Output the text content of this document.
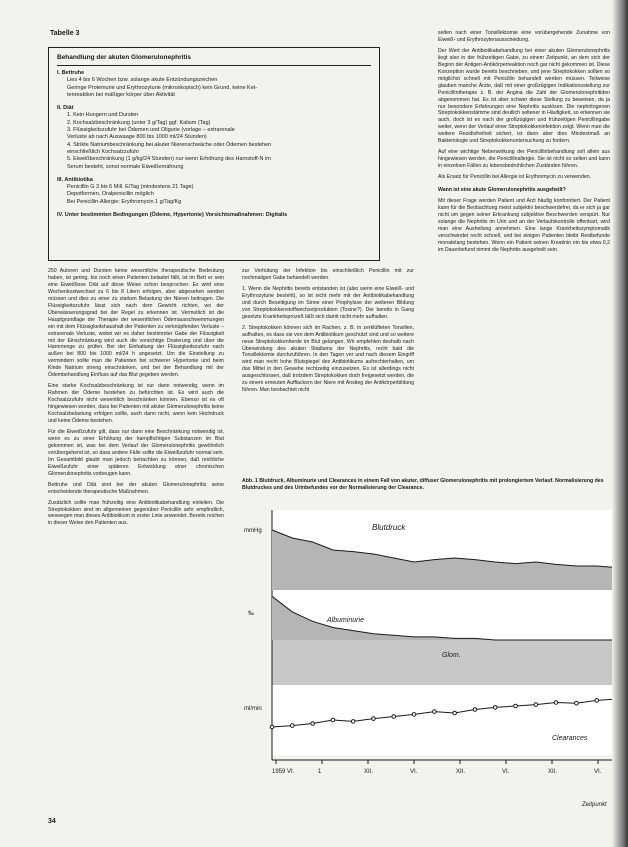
Tabelle 3
Behandlung der akuten Glomerulonephritis
I. Bettruhe
Lies 4 bis 6 Wochen bzw. solange akute Entzündungszeichen
Geringe Proteinurie und Erythrozyturie (mikroskopisch) kein Grund, keine Ket-
tenreaktion bei mäßiger körper über Aktivität
II. Diät
1. Kein Hungern und Dursten
2. Kochsalzbeschränkung (unter 3 g/Tag) ggf. Kalium (Tag)
3. Flüssigkeitszufuhr bei Ödemen und Oligurie (vorlage – extrarenale
Verluste ab nach Auswaage 800 bis 1000 ml/24 Stunden)
4. Strikte Natriumbeschränkung bei akuter Nierenschwäche oder Ödemen bestehen
einschließlich Kochsalzzufuhr
5. Eiweißbeschränkung (1 g/kg/24 Stunden) nur wenn Erhöhung des Harnstoff-N im
Serum besteht, sonst normale Eiweißernährung
III. Antibiotika
Penicillin G 3 bis 6 Mill. E/Tag (mindestens 21 Tage)
Depotformen, Oralpenicillin möglich
Bei Penicillin-Allergie: Erythromycin 1 g/Tag/Kg
IV. Unter bestimmten Bedingungen (Ödeme, Hypertonie) Vorsichtsmaßnahmen: Digitalis

250 Autoren und Dursten keine wesentliche therapeutische Bedeutung haben, ist gering, bis noch einen Patienten belastet fällt, ist im Bett er sein eine Eiweißlose Diät auf diese Weise schon besprochen. Es wird eine Wochenkostwechsel zu 6 bis 8 Litern erfolgen, aber abgesehen werden müssen und dies zu einer zu starken Belastung der Nieren beitragen. Die Flüssigkeitszufuhr lässt sich nach dem Gewicht richten, wo der Überwässerungsgrad bei der Regel zu erkennen ist. Vermutlich ist die Hauptgrundlage der Therapie der wesentlichen Ödemausschwemmungen ein mit dem Flüssigkeitshaushalt der Patienten zu verknüpfenden Verluste – extrarenale Verluste, wobei wir es daher bestimmter Gabe der Flüssigkeit mit der Einschränkung wird auch die vorsichtige Dosierung und über die Harnmenge zu prüfen. Bei der Einhaltung der Flüssigkeitszufuhr nach außen bei 800 bis 1000 ml/24 h angesetzt. Um die Einstellung zu vermindern sollte man die Patienten bei schwerer Hypertonie und beim Kinde Natrium streng einschränken, und bei der Behandlung mit der Ödembehandlung Einfluss auf das Blut gegeben werden.

Eine starke Kochsalzbeschränkung ist nur dann notwendig, wenn im Rahmen der Ödeme bestehen zu befürchten ist. Es wird auch die Kochsalzzufuhr nicht wesentlich beschränken können. Ebenso ist es oft hingewiesen worden, dass bei Patienten mit akuter Glomerulonephritis keine Kochsalzbelastung erfolgen sollte, auch dann nicht, wenn kein Hochdruck und keine Ödeme bestehen.

Für die Eiweißzufuhr gilt, dass nur dann eine Beschränkung notwendig ist, wenn es zu einer Erhöhung der harnpflichtigen Substanzen im Blut gekommen ist, was bei dem Verlauf der Glomerulonephritis gewöhnlich vorübergehend ist, so dass andere Fälle sollte die Eiweißzufuhr normal sein. Im Gesamtbild glaubt man jedoch betrachten zu können, daß reichliche Eiweißzufuhr einer späteren Entwicklung einer chronischen Glomerulonephritis vorbeugen kann.

Bettruhe und Diät sind bei der akuten Glomerulonephritis seine entscheidende therapeutische Maßnahmen.

Zusätzlich sollte man frühzeitig eine Antibiotikabehandlung einleiten. Die Streptokokken sind im allgemeinen gegenüber Penicillin sehr empfindlich, weswegen man dieses Antibiotikum in erster Linie anwendet. Bereits reichen in dieser Weise den Patienten aus.

zur Verhütung der Infektion bis einschließlich Penicillin mit zur nochmaligen Gabe behandelt werden.

1. Wenn die Nephritis bereits entstanden ist (also wenn eine Eiweiß- und Erythrozyturie besteht), so ist nicht mehr mit der Antibiotikabehandlung und durch Beseitigung im Sinne einer Prophylaxe der weiteren Bildung von Streptokokkenstoffwechselprodukten (Toxine?). Der bereits in Gang gesetzte Krankheitsprozeß läßt sich damit nicht mehr aufhalten.

2. Streptokokken können sich im Rachen, z. B. in zerklüfteten Tonsillen, aufhalten, es dass sie von dem Antibiotikum geschützt sind und so weitere neue Streptokokkenherde im Blut gelangen. Wir empfehlen deshalb nach Überwindung des akuten Stadiums der Nephritis, recht bald die Tonsillektomie durchzuführen. In den Tagen vor und nach diesem Eingriff wird man recht hohe Blutspiegel des Antibiotikums aufrechterhalten, um das Mittel in den Gewebe rechtzeitig einzusetzen. Es ist allerdings nicht ausgeschlossen, daß trotzdem Streptokokken doch freigesetzt werden, die zu einem erneuten Aufflackern der Niere mit Anstieg der Antikörperbildung führen. Man beobachtet nicht

selten nach einer Tonsillektomie eine vorübergehende Zunahme von Eiweiß- und Erythrozytenausscheidung.

Der Wert der Antibiotikabehandlung bei einer akuten Glomerulonephritis liegt also in der frühzeitigen Gabe, zu einem Zeitpunkt, an dem sich der Beginn der Antigen-Antikörperreaktion noch gar nicht gekommen ist. Diese Konzeption wurde bereits beschrieben, und jene Streptokokken sollten so möglichst schnell mit Penicillin behandelt werden müssen. Teilweise glauben manche Ärzte, daß mit einer großzügigen Indikationsstellung zur Penicillintherapie z. B. der Angina die Zahl der Glomerulonephritiden abgenommen hat. Es ist aber schwer diese Stellung zu beweisen, da ja nur besondere Erfahrungen eine Nephritis auslösen. Die nephritogenen Streptokokkenstämme sind deutlich seltener in Häufigkeit, so erkennen sie auch, doch ist es nach der großzügigen und frühzeitigen Penicillingabe weiter, wenn der Verlauf einer Streptokokkeninfektion zeigt. Wenn man die weitere Rezidivfreiheit sichert, ist dann aber dies Mindestmaß an Bakteriologie und Streptokokkenuntersuchung zu fordern.

Auf eine wichtige Nebenwirkung der Penicillinbehandlung soll allein aus hingewiesen werden, die Penicillinallergie. Sie ist nicht so selten und kann in einzelnen Fällen zu lebensbedrohlichen Zuständen führen.

Als Ersatz für Penicillin bei Allergie ist Erythromycin zu verwenden.

Wann ist eine akute Glomerulonephritis ausgeheilt?

Mit dieser Frage werden Patient und Arzt häufig konfrontiert. Der Patient kann für die Beobachtung meist subjektiv beschwerdefrei, da er sich ja gar nicht um gegen seiner Erkrankung subjektive Beschwerden verspürt. Nur solange die Nephritis im Urin und an der Verlaufskontrolle offenbart, wird man eine Ausheilung annehmen. Eine lange Krankheitssymptomatik verschwindet recht schnell, und bei einigen Patienten bleibt Restbefunde monatelang bestehen. Wenn ein Patient seinen Kreatinin ein bis etwa 0,2 im Dauerbefund nimmt die Nephritis ausgeheilt sein.

Abb. 1 Blutdruck, Albuminurie und Clearances in einem Fall von akuter, diffuser Glomerulonephritis mit prolongiertem Verlauf. Normalisierung des Blutdruckes und des Urinbefundes vor der Normalisierung der Clearance.
mmHg
‰
ml/min
Blutdruck
Albuminurie
Glom.
Clearances
1959 VI.	1	XII.	VI.	XII.	VI.	XII.	VI.
Zeitpunkt
34
